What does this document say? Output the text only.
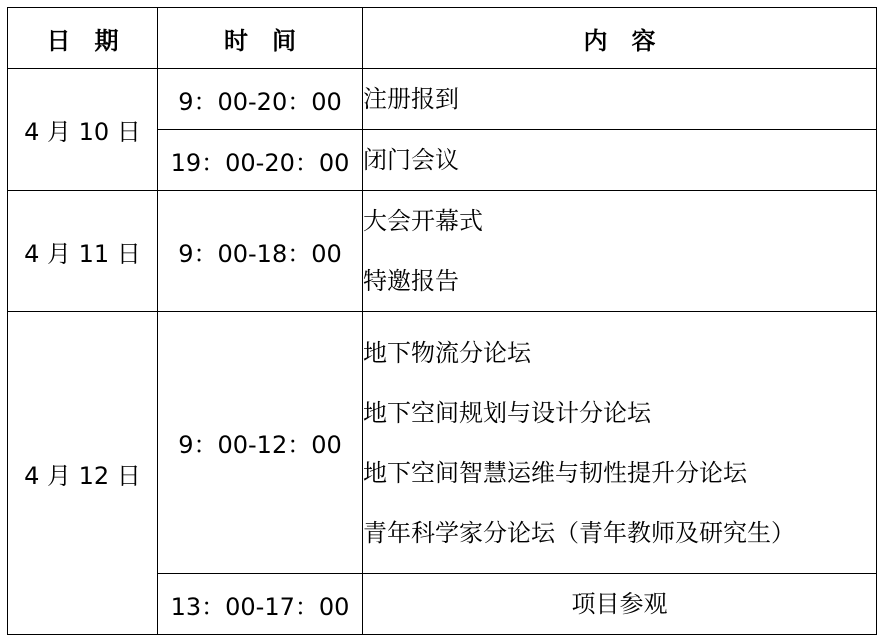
日　期	时　间	内　容
4 月 10 日	9：00-20：00	注册报到

	19：00-20：00	闭门会议

4 月 11 日	9：00-18：00	大会开幕式
特邀报告

4 月 12 日	9：00-12：00	地下物流分论坛
地下空间规划与设计分论坛
地下空间智慧运维与韧性提升分论坛
青年科学家分论坛（青年教师及研究生）

	13：00-17：00	项目参观
